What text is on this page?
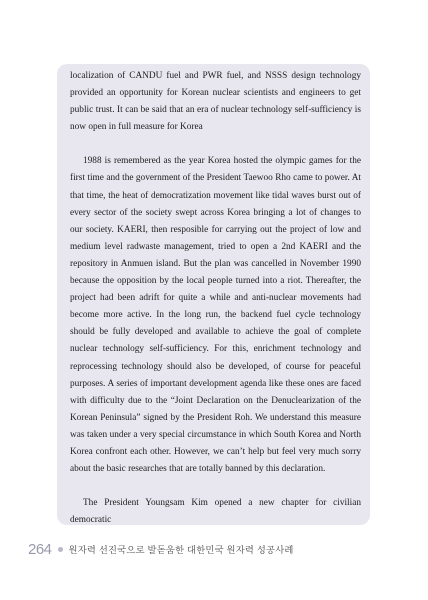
localization of CANDU fuel and PWR fuel, and NSSS design technology provided an opportunity for Korean nuclear scientists and engineers to get public trust. It can be said that an era of nuclear technology self-sufficiency is now open in full measure for Korea

1988 is remembered as the year Korea hosted the olympic games for the first time and the government of the President Taewoo Rho came to power. At that time, the heat of democratization movement like tidal waves burst out of every sector of the society swept across Korea bringing a lot of changes to our society. KAERI, then resposible for carrying out the project of low and medium level radwaste management, tried to open a 2nd KAERI and the repository in Anmuen island. But the plan was cancelled in November 1990 because the opposition by the local people turned into a riot. Thereafter, the project had been adrift for quite a while and anti-nuclear movements had become more active. In the long run, the backend fuel cycle technology should be fully developed and available to achieve the goal of complete nuclear technology self-sufficiency. For this, enrichment technology and reprocessing technology should also be developed, of course for peaceful purposes. A series of important development agenda like these ones are faced with difficulty due to the “Joint Declaration on the Denuclearization of the Korean Peninsula” signed by the President Roh. We understand this measure was taken under a very special circumstance in which South Korea and North Korea confront each other. However, we can’t help but feel very much sorry about the basic researches that are totally banned by this declaration.

The President Youngsam Kim opened a new chapter for civilian democratic

264 원자력 선진국으로 발돋움한 대한민국 원자력 성공사례
